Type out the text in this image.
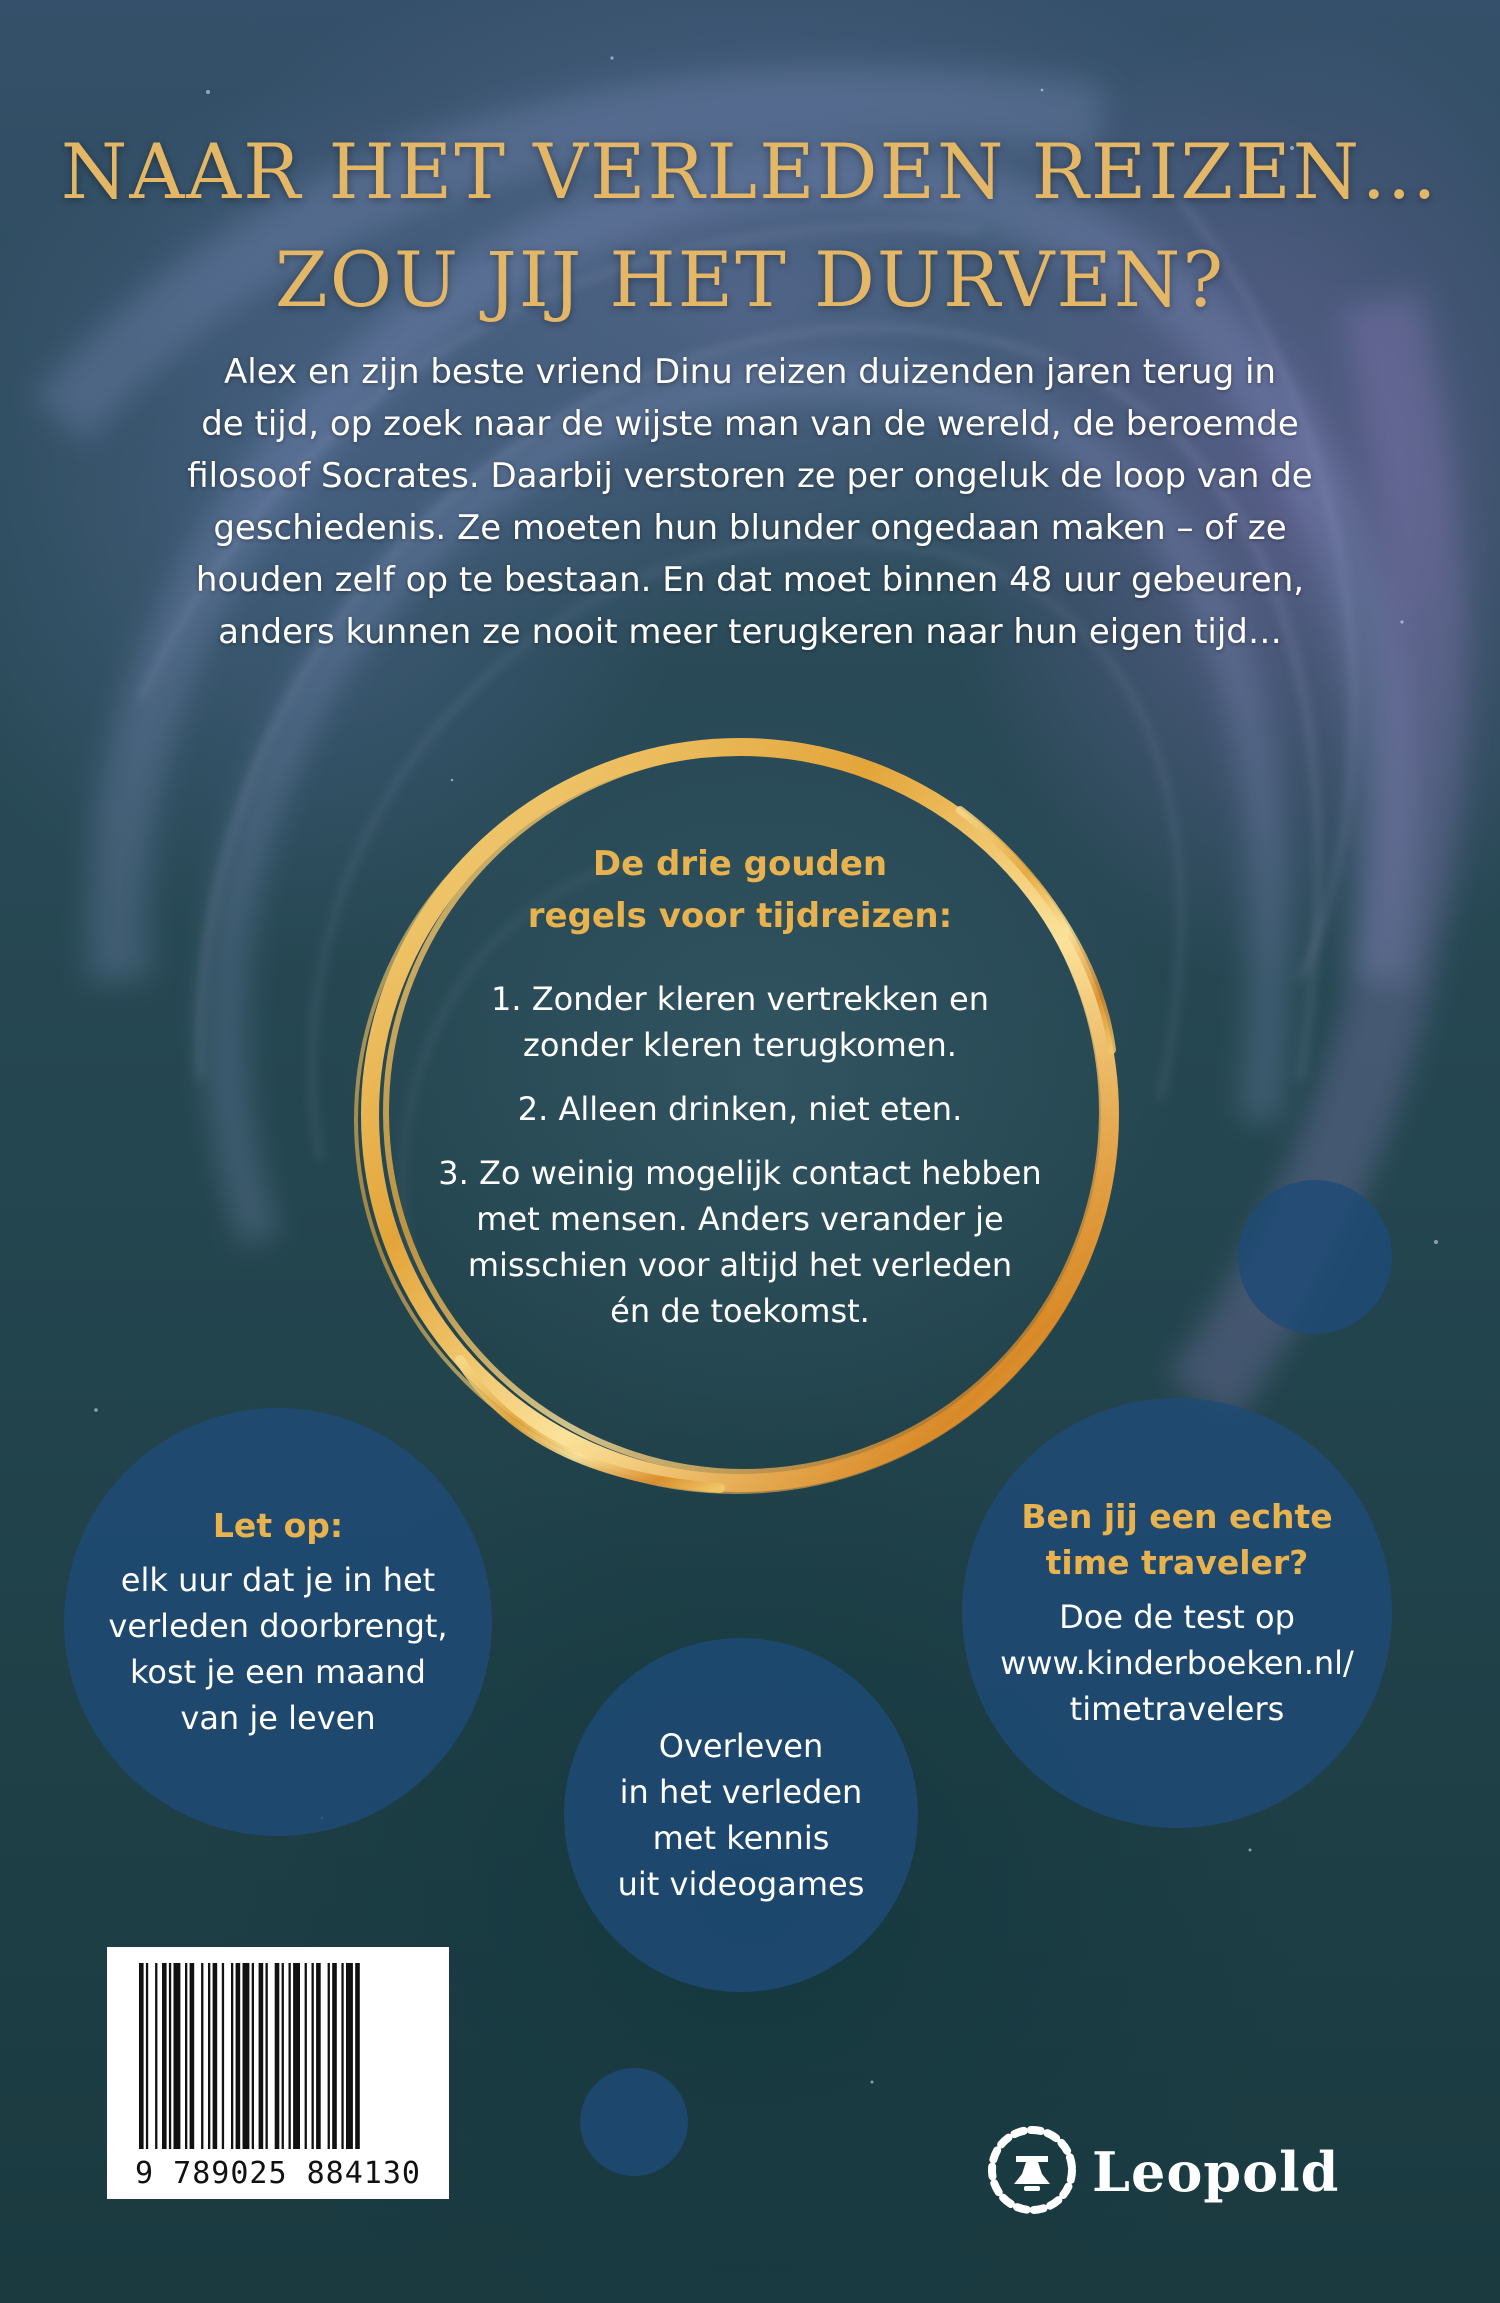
NAAR HET VERLEDEN REIZEN…
ZOU JIJ HET DURVEN?
Alex en zijn beste vriend Dinu reizen duizenden jaren terug in
de tijd, op zoek naar de wijste man van de wereld, de beroemde
filosoof Socrates. Daarbij verstoren ze per ongeluk de loop van de
geschiedenis. Ze moeten hun blunder ongedaan maken – of ze
houden zelf op te bestaan. En dat moet binnen 48 uur gebeuren,
anders kunnen ze nooit meer terugkeren naar hun eigen tijd…
De drie gouden
regels voor tijdreizen:
1. Zonder kleren vertrekken en
zonder kleren terugkomen.
2. Alleen drinken, niet eten.
3. Zo weinig mogelijk contact hebben
met mensen. Anders verander je
misschien voor altijd het verleden
én de toekomst.
Let op:
elk uur dat je in het
verleden doorbrengt,
kost je een maand
van je leven
Overleven
in het verleden
met kennis
uit videogames
Ben jij een echte
time traveler?
Doe de test op
www.kinderboeken.nl/
timetravelers
9 789025 884130	Leopold
